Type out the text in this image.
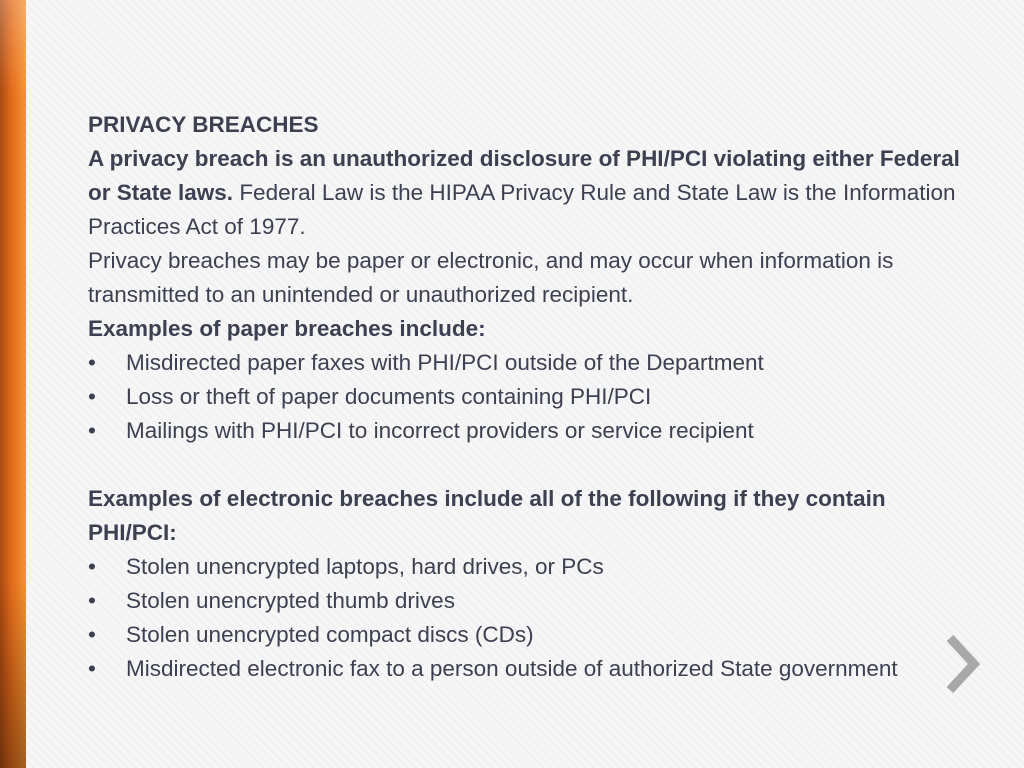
PRIVACY BREACHES

A privacy breach is an unauthorized disclosure of PHI/PCI violating either Federal or State laws. Federal Law is the HIPAA Privacy Rule and State Law is the Information Practices Act of 1977.

Privacy breaches may be paper or electronic, and may occur when information is transmitted to an unintended or unauthorized recipient.

Examples of paper breaches include:

• Misdirected paper faxes with PHI/PCI outside of the Department
• Loss or theft of paper documents containing PHI/PCI
• Mailings with PHI/PCI to incorrect providers or service recipient

Examples of electronic breaches include all of the following if they contain PHI/PCI:

• Stolen unencrypted laptops, hard drives, or PCs
• Stolen unencrypted thumb drives
• Stolen unencrypted compact discs (CDs)
• Misdirected electronic fax to a person outside of authorized State government
